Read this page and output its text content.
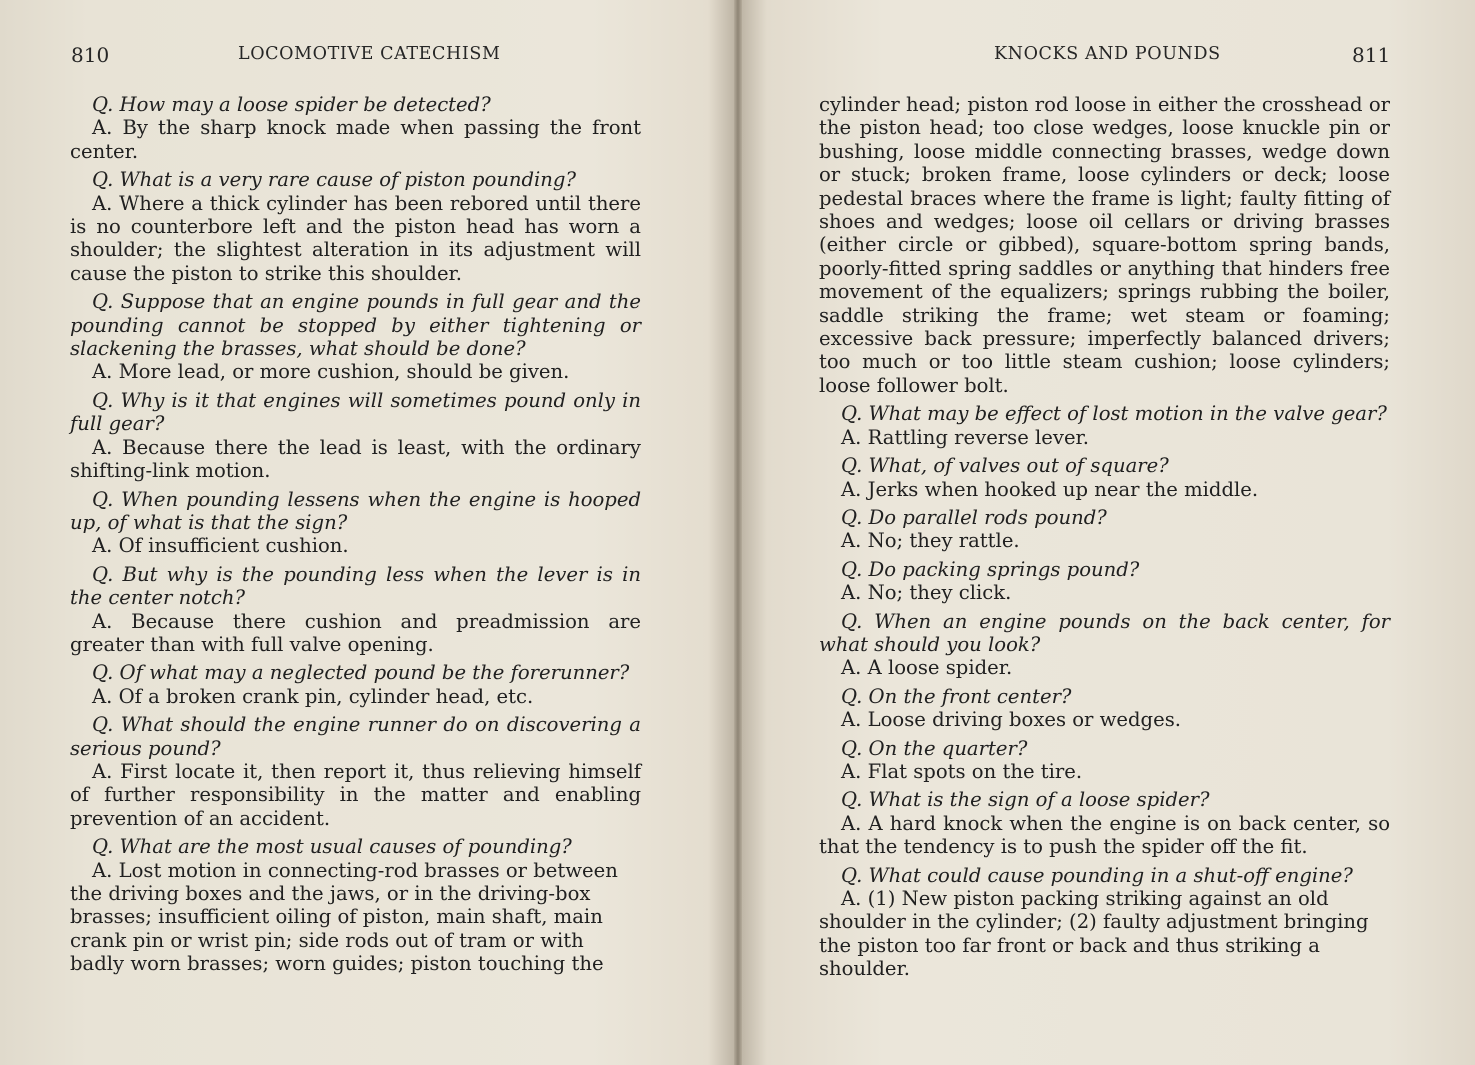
810	LOCOMOTIVE CATECHISM

Q. How may a loose spider be detected?

A. By the sharp knock made when passing the front center.

Q. What is a very rare cause of piston pounding?

A. Where a thick cylinder has been rebored until there is no counterbore left and the piston head has worn a shoulder; the slightest alteration in its adjustment will cause the piston to strike this shoulder.

Q. Suppose that an engine pounds in full gear and the pounding cannot be stopped by either tightening or slackening the brasses, what should be done?

A. More lead, or more cushion, should be given.

Q. Why is it that engines will sometimes pound only in full gear?

A. Because there the lead is least, with the ordinary shifting-link motion.

Q. When pounding lessens when the engine is hooped up, of what is that the sign?

A. Of insufficient cushion.

Q. But why is the pounding less when the lever is in the center notch?

A. Because there cushion and preadmission are greater than with full valve opening.

Q. Of what may a neglected pound be the forerunner?

A. Of a broken crank pin, cylinder head, etc.

Q. What should the engine runner do on discovering a serious pound?

A. First locate it, then report it, thus relieving himself of further responsibility in the matter and enabling prevention of an accident.

Q. What are the most usual causes of pounding?

A. Lost motion in connecting-rod brasses or between the driving boxes and the jaws, or in the driving-box brasses; insufficient oiling of piston, main shaft, main crank pin or wrist pin; side rods out of tram or with badly worn brasses; worn guides; piston touching the

KNOCKS AND POUNDS	811

cylinder head; piston rod loose in either the crosshead or the piston head; too close wedges, loose knuckle pin or bushing, loose middle connecting brasses, wedge down or stuck; broken frame, loose cylinders or deck; loose pedestal braces where the frame is light; faulty fitting of shoes and wedges; loose oil cellars or driving brasses (either circle or gibbed), square-bottom spring bands, poorly-fitted spring saddles or anything that hinders free movement of the equalizers; springs rubbing the boiler, saddle striking the frame; wet steam or foaming; excessive back pressure; imperfectly balanced drivers; too much or too little steam cushion; loose cylinders; loose follower bolt.

Q. What may be effect of lost motion in the valve gear?

A. Rattling reverse lever.

Q. What, of valves out of square?

A. Jerks when hooked up near the middle.

Q. Do parallel rods pound?

A. No; they rattle.

Q. Do packing springs pound?

A. No; they click.

Q. When an engine pounds on the back center, for what should you look?

A. A loose spider.

Q. On the front center?

A. Loose driving boxes or wedges.

Q. On the quarter?

A. Flat spots on the tire.

Q. What is the sign of a loose spider?

A. A hard knock when the engine is on back center, so that the tendency is to push the spider off the fit.

Q. What could cause pounding in a shut-off engine?

A. (1) New piston packing striking against an old shoulder in the cylinder; (2) faulty adjustment bringing the piston too far front or back and thus striking a shoulder.
